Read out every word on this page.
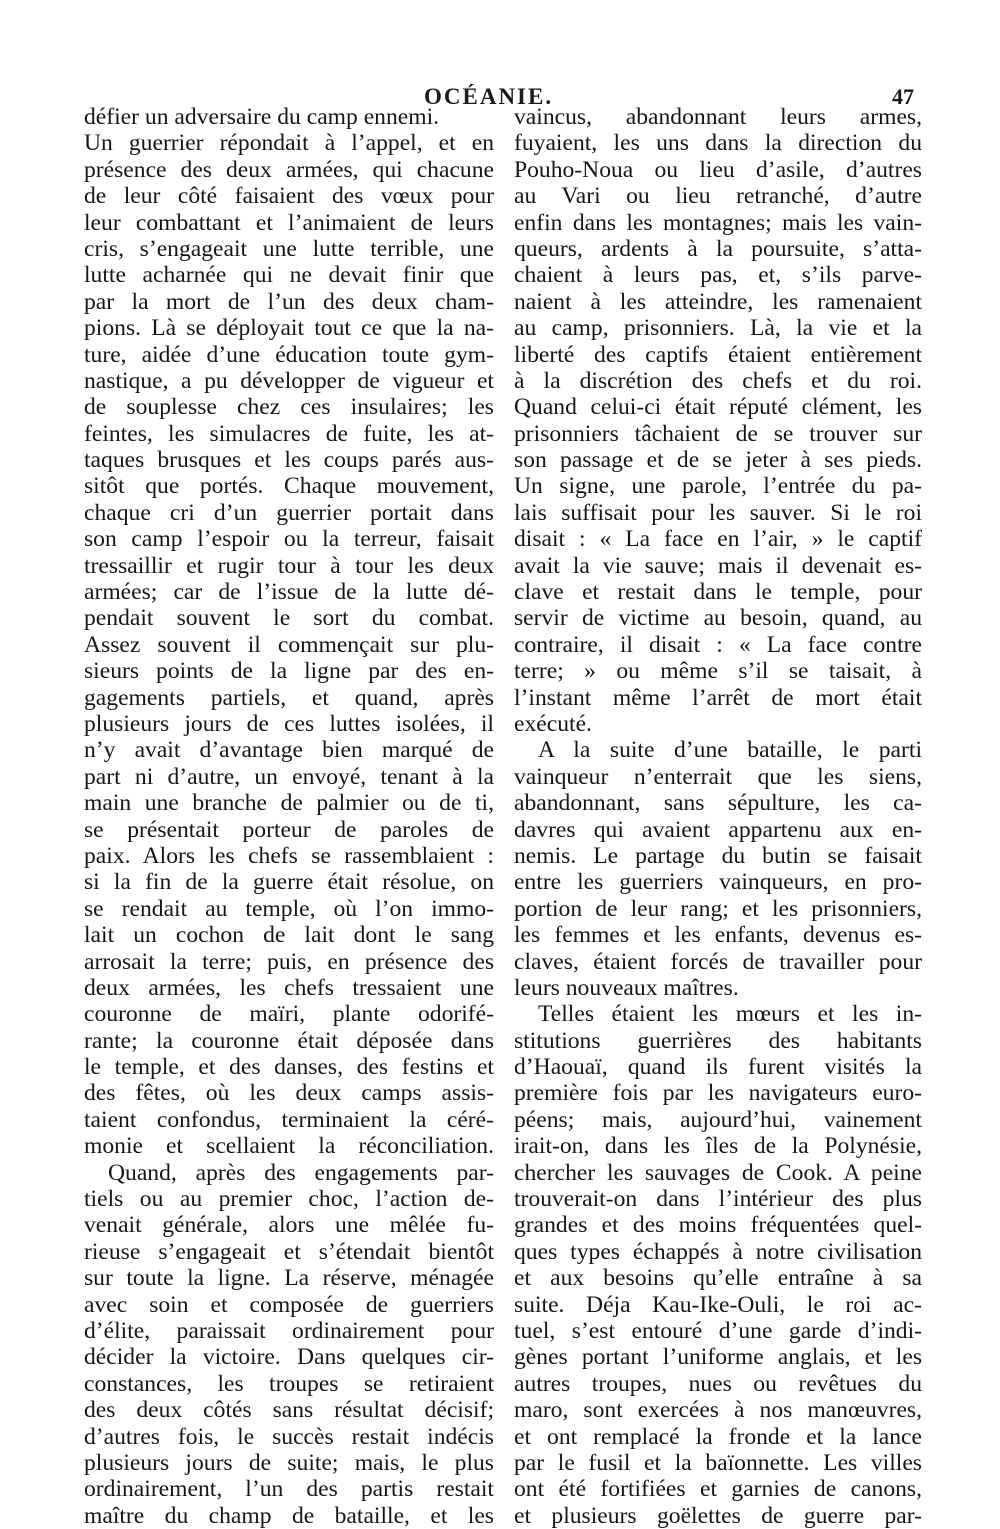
OCÉANIE.	47
défier un adversaire du camp ennemi.
Un guerrier répondait à l’appel, et en
présence des deux armées, qui chacune
de leur côté faisaient des vœux pour
leur combattant et l’animaient de leurs
cris, s’engageait une lutte terrible, une
lutte acharnée qui ne devait finir que
par la mort de l’un des deux cham-
pions. Là se déployait tout ce que la na-
ture, aidée d’une éducation toute gym-
nastique, a pu développer de vigueur et
de souplesse chez ces insulaires; les
feintes, les simulacres de fuite, les at-
taques brusques et les coups parés aus-
sitôt que portés. Chaque mouvement,
chaque cri d’un guerrier portait dans
son camp l’espoir ou la terreur, faisait
tressaillir et rugir tour à tour les deux
armées; car de l’issue de la lutte dé-
pendait souvent le sort du combat.
Assez souvent il commençait sur plu-
sieurs points de la ligne par des en-
gagements partiels, et quand, après
plusieurs jours de ces luttes isolées, il
n’y avait d’avantage bien marqué de
part ni d’autre, un envoyé, tenant à la
main une branche de palmier ou de ti,
se présentait porteur de paroles de
paix. Alors les chefs se rassemblaient :
si la fin de la guerre était résolue, on
se rendait au temple, où l’on immo-
lait un cochon de lait dont le sang
arrosait la terre; puis, en présence des
deux armées, les chefs tressaient une
couronne de maïri, plante odorifé-
rante; la couronne était déposée dans
le temple, et des danses, des festins et
des fêtes, où les deux camps assis-
taient confondus, terminaient la céré-
monie et scellaient la réconciliation.
Quand, après des engagements par-
tiels ou au premier choc, l’action de-
venait générale, alors une mêlée fu-
rieuse s’engageait et s’étendait bientôt
sur toute la ligne. La réserve, ménagée
avec soin et composée de guerriers
d’élite, paraissait ordinairement pour
décider la victoire. Dans quelques cir-
constances, les troupes se retiraient
des deux côtés sans résultat décisif;
d’autres fois, le succès restait indécis
plusieurs jours de suite; mais, le plus
ordinairement, l’un des partis restait
maître du champ de bataille, et les
vaincus, abandonnant leurs armes,
fuyaient, les uns dans la direction du
Pouho-Noua ou lieu d’asile, d’autres
au Vari ou lieu retranché, d’autre
enfin dans les montagnes; mais les vain-
queurs, ardents à la poursuite, s’atta-
chaient à leurs pas, et, s’ils parve-
naient à les atteindre, les ramenaient
au camp, prisonniers. Là, la vie et la
liberté des captifs étaient entièrement
à la discrétion des chefs et du roi.
Quand celui-ci était réputé clément, les
prisonniers tâchaient de se trouver sur
son passage et de se jeter à ses pieds.
Un signe, une parole, l’entrée du pa-
lais suffisait pour les sauver. Si le roi
disait : « La face en l’air, » le captif
avait la vie sauve; mais il devenait es-
clave et restait dans le temple, pour
servir de victime au besoin, quand, au
contraire, il disait : « La face contre
terre; » ou même s’il se taisait, à
l’instant même l’arrêt de mort était
exécuté.
A la suite d’une bataille, le parti
vainqueur n’enterrait que les siens,
abandonnant, sans sépulture, les ca-
davres qui avaient appartenu aux en-
nemis. Le partage du butin se faisait
entre les guerriers vainqueurs, en pro-
portion de leur rang; et les prisonniers,
les femmes et les enfants, devenus es-
claves, étaient forcés de travailler pour
leurs nouveaux maîtres.
Telles étaient les mœurs et les in-
stitutions guerrières des habitants
d’Haouaï, quand ils furent visités la
première fois par les navigateurs euro-
péens; mais, aujourd’hui, vainement
irait-on, dans les îles de la Polynésie,
chercher les sauvages de Cook. A peine
trouverait-on dans l’intérieur des plus
grandes et des moins fréquentées quel-
ques types échappés à notre civilisation
et aux besoins qu’elle entraîne à sa
suite. Déja Kau-Ike-Ouli, le roi ac-
tuel, s’est entouré d’une garde d’indi-
gènes portant l’uniforme anglais, et les
autres troupes, nues ou revêtues du
maro, sont exercées à nos manœuvres,
et ont remplacé la fronde et la lance
par le fusil et la baïonnette. Les villes
ont été fortifiées et garnies de canons,
et plusieurs goëlettes de guerre par-
